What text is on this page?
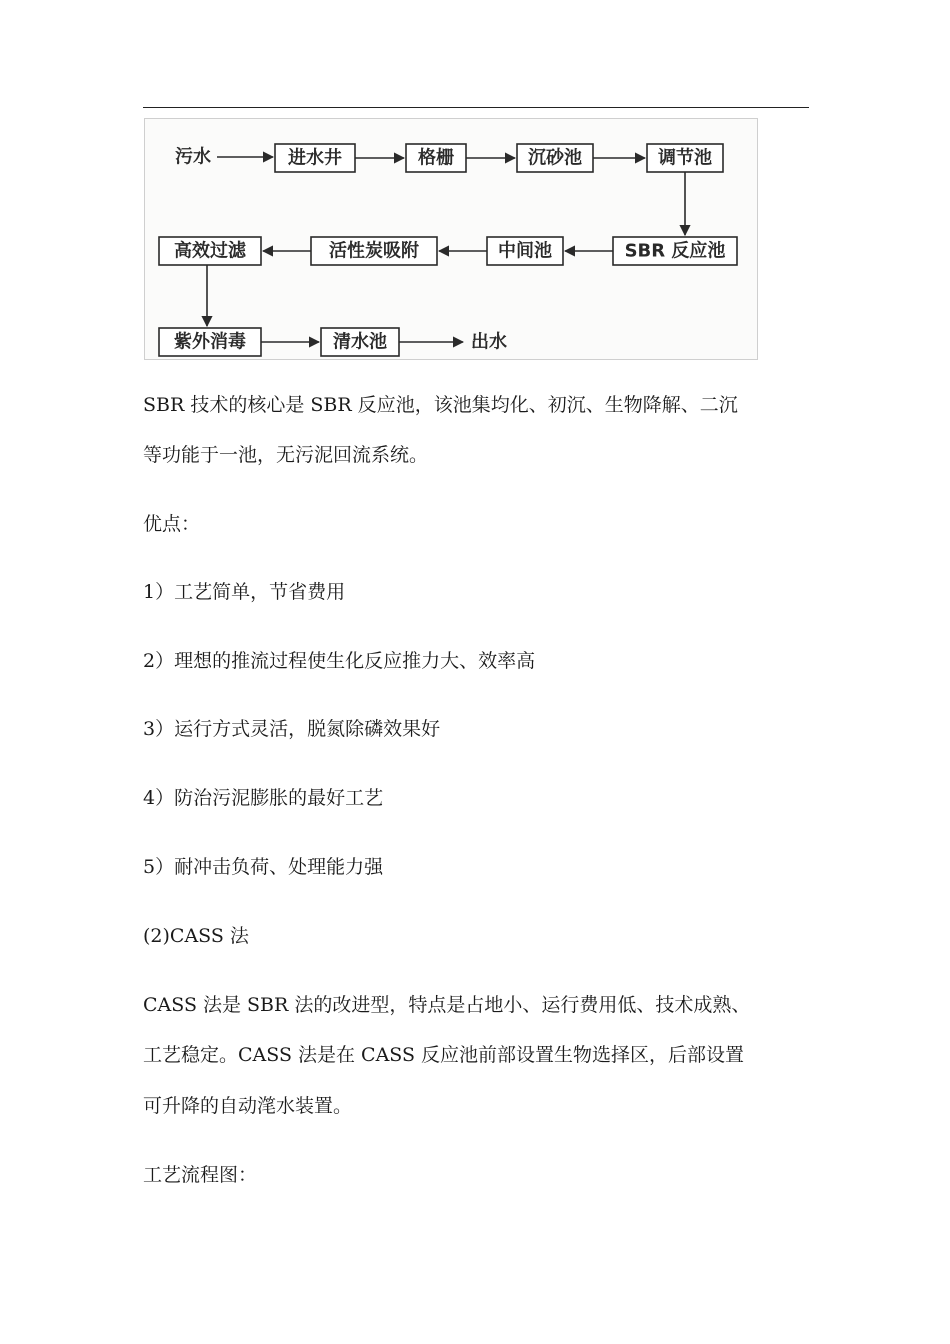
污水	进水井	格栅	沉砂池	调节池
SBR 反应池
中间池
活性炭吸附
高效过滤
紫外消毒	清水池	出水

SBR 技术的核心是 SBR 反应池，该池集均化、初沉、生物降解、二沉

等功能于一池，无污泥回流系统。

优点：

1）工艺简单，节省费用

2）理想的推流过程使生化反应推力大、效率高

3）运行方式灵活，脱氮除磷效果好

4）防治污泥膨胀的最好工艺

5）耐冲击负荷、处理能力强

(2)CASS 法

CASS 法是 SBR 法的改进型，特点是占地小、运行费用低、技术成熟、

工艺稳定。CASS 法是在 CASS 反应池前部设置生物选择区，后部设置

可升降的自动滗水装置。

工艺流程图：
